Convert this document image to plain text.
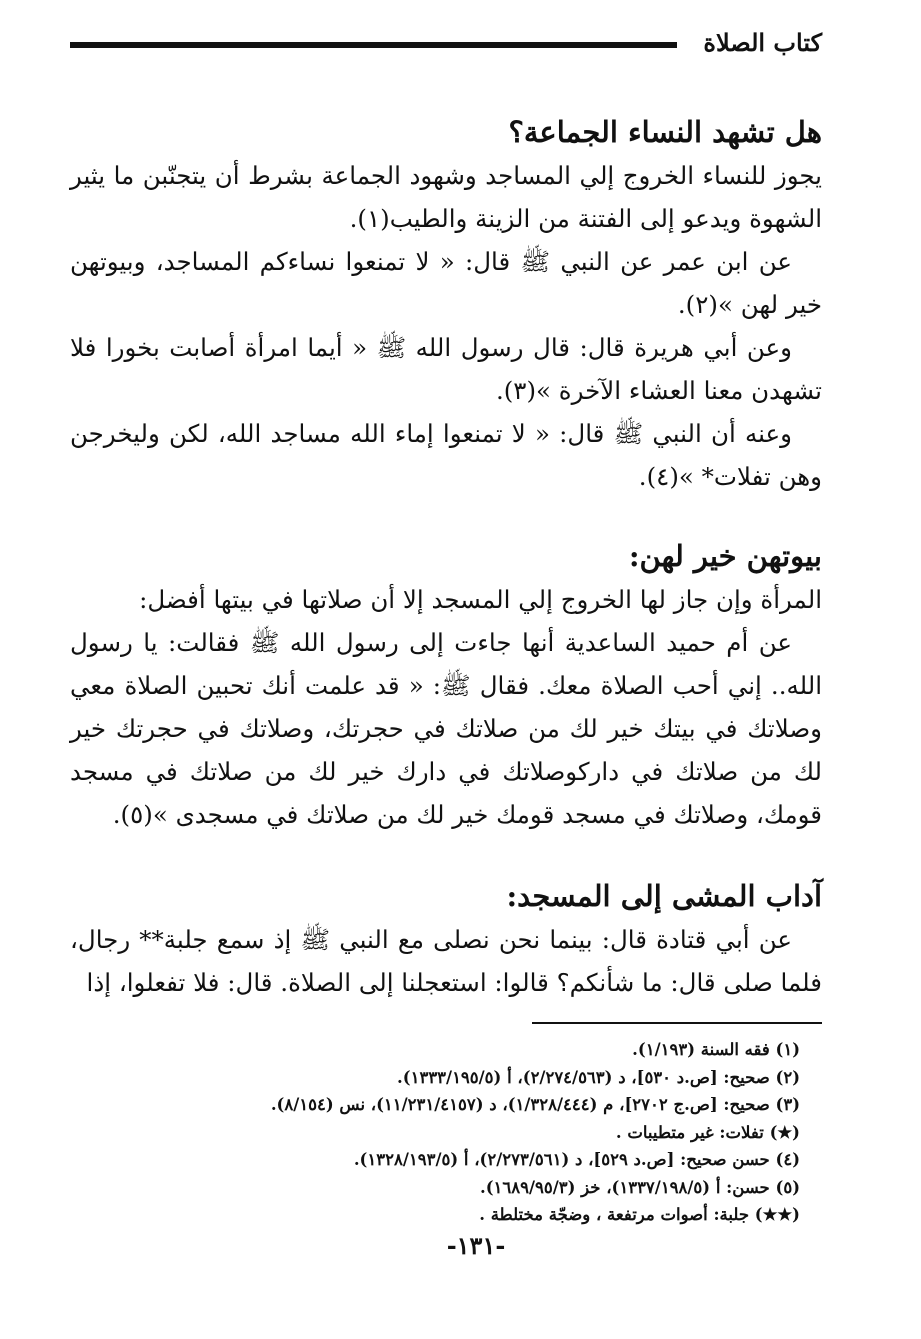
كتاب الصلاة
هل تشهد النساء الجماعة؟

يجوز للنساء الخروج إلي المساجد وشهود الجماعة بشرط أن يتجنّبن ما يثير الشهوة ويدعو إلى الفتنة من الزينة والطيب(١).

عن ابن عمر عن النبي ﷺ قال: « لا تمنعوا نساءكم المساجد، وبيوتهن خير لهن »(٢).

وعن أبي هريرة قال: قال رسول الله ﷺ « أيما امرأة أصابت بخورا فلا تشهدن معنا العشاء الآخرة »(٣).

وعنه أن النبي ﷺ قال: « لا تمنعوا إماء الله مساجد الله، لكن وليخرجن وهن تفلات* »(٤).

بيوتهن خير لهن:

المرأة وإن جاز لها الخروج إلي المسجد إلا أن صلاتها في بيتها أفضل:

عن أم حميد الساعدية أنها جاءت إلى رسول الله ﷺ فقالت: يا رسول الله.. إني أحب الصلاة معك. فقال ﷺ: « قد علمت أنك تحبين الصلاة معي وصلاتك في بيتك خير لك من صلاتك في حجرتك، وصلاتك في حجرتك خير لك من صلاتك في داركوصلاتك في دارك خير لك من صلاتك في مسجد قومك، وصلاتك في مسجد قومك خير لك من صلاتك في مسجدى »(٥).

آداب المشى إلى المسجد:

عن أبي قتادة قال: بينما نحن نصلى مع النبي ﷺ إذ سمع جلبة** رجال، فلما صلى قال: ما شأنكم؟ قالوا: استعجلنا إلى الصلاة. قال: فلا تفعلوا، إذا

(١) فقه السنة (١/١٩٣).

(٢) صحيح: [ص.د ٥٣٠]، د (٢/٢٧٤/٥٦٣)، أ (١٣٣٣/١٩٥/٥).

(٣) صحيح: [ص.ج ٢٧٠٢]، م (١/٣٢٨/٤٤٤)، د (١١/٢٣١/٤١٥٧)، نس (٨/١٥٤).

(★) تفلات: غير متطيبات .

(٤) حسن صحيح: [ص.د ٥٢٩]، د (٢/٢٧٣/٥٦١)، أ (١٣٢٨/١٩٣/٥).

(٥) حسن: أ (١٣٣٧/١٩٨/٥)، خز (١٦٨٩/٩٥/٣).

(★★) جلبة: أصوات مرتفعة ، وضجّة مختلطة .

-١٣١-
